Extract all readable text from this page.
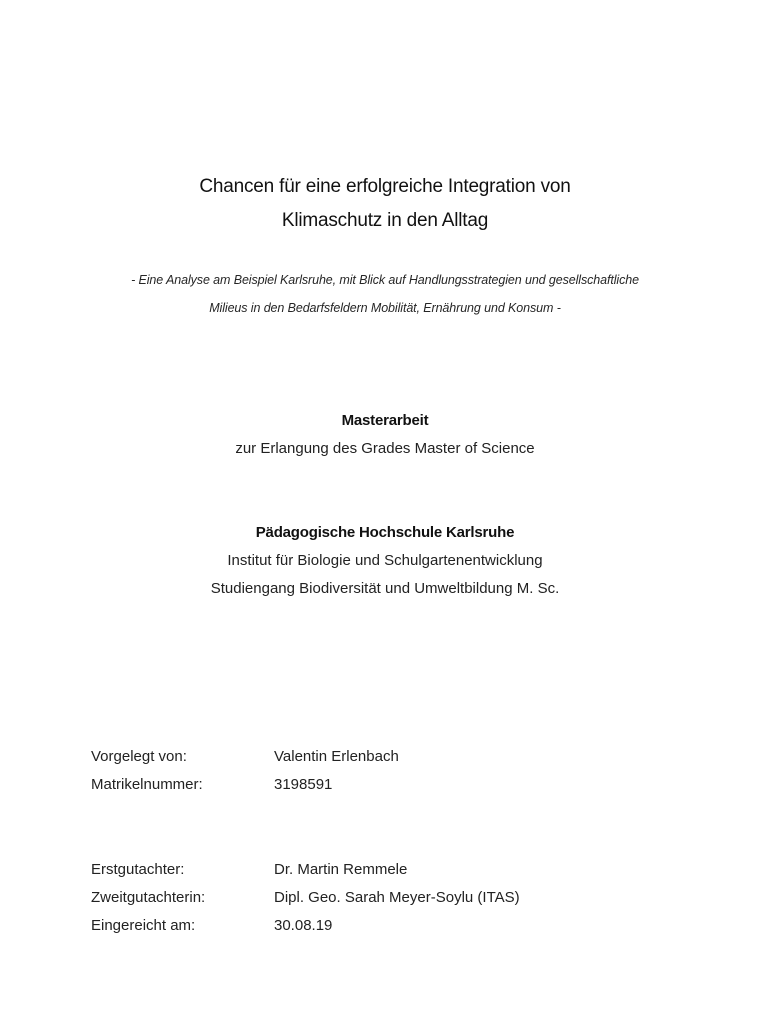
Chancen für eine erfolgreiche Integration von
Klimaschutz in den Alltag
- Eine Analyse am Beispiel Karlsruhe, mit Blick auf Handlungsstrategien und gesellschaftliche
Milieus in den Bedarfsfeldern Mobilität, Ernährung und Konsum -
Masterarbeit
zur Erlangung des Grades Master of Science
Pädagogische Hochschule Karlsruhe
Institut für Biologie und Schulgartenentwicklung
Studiengang Biodiversität und Umweltbildung M. Sc.
Vorgelegt von:	Valentin Erlenbach
Matrikelnummer:	3198591
Erstgutachter:	Dr. Martin Remmele
Zweitgutachterin:	Dipl. Geo. Sarah Meyer-Soylu (ITAS)
Eingereicht am:	30.08.19
